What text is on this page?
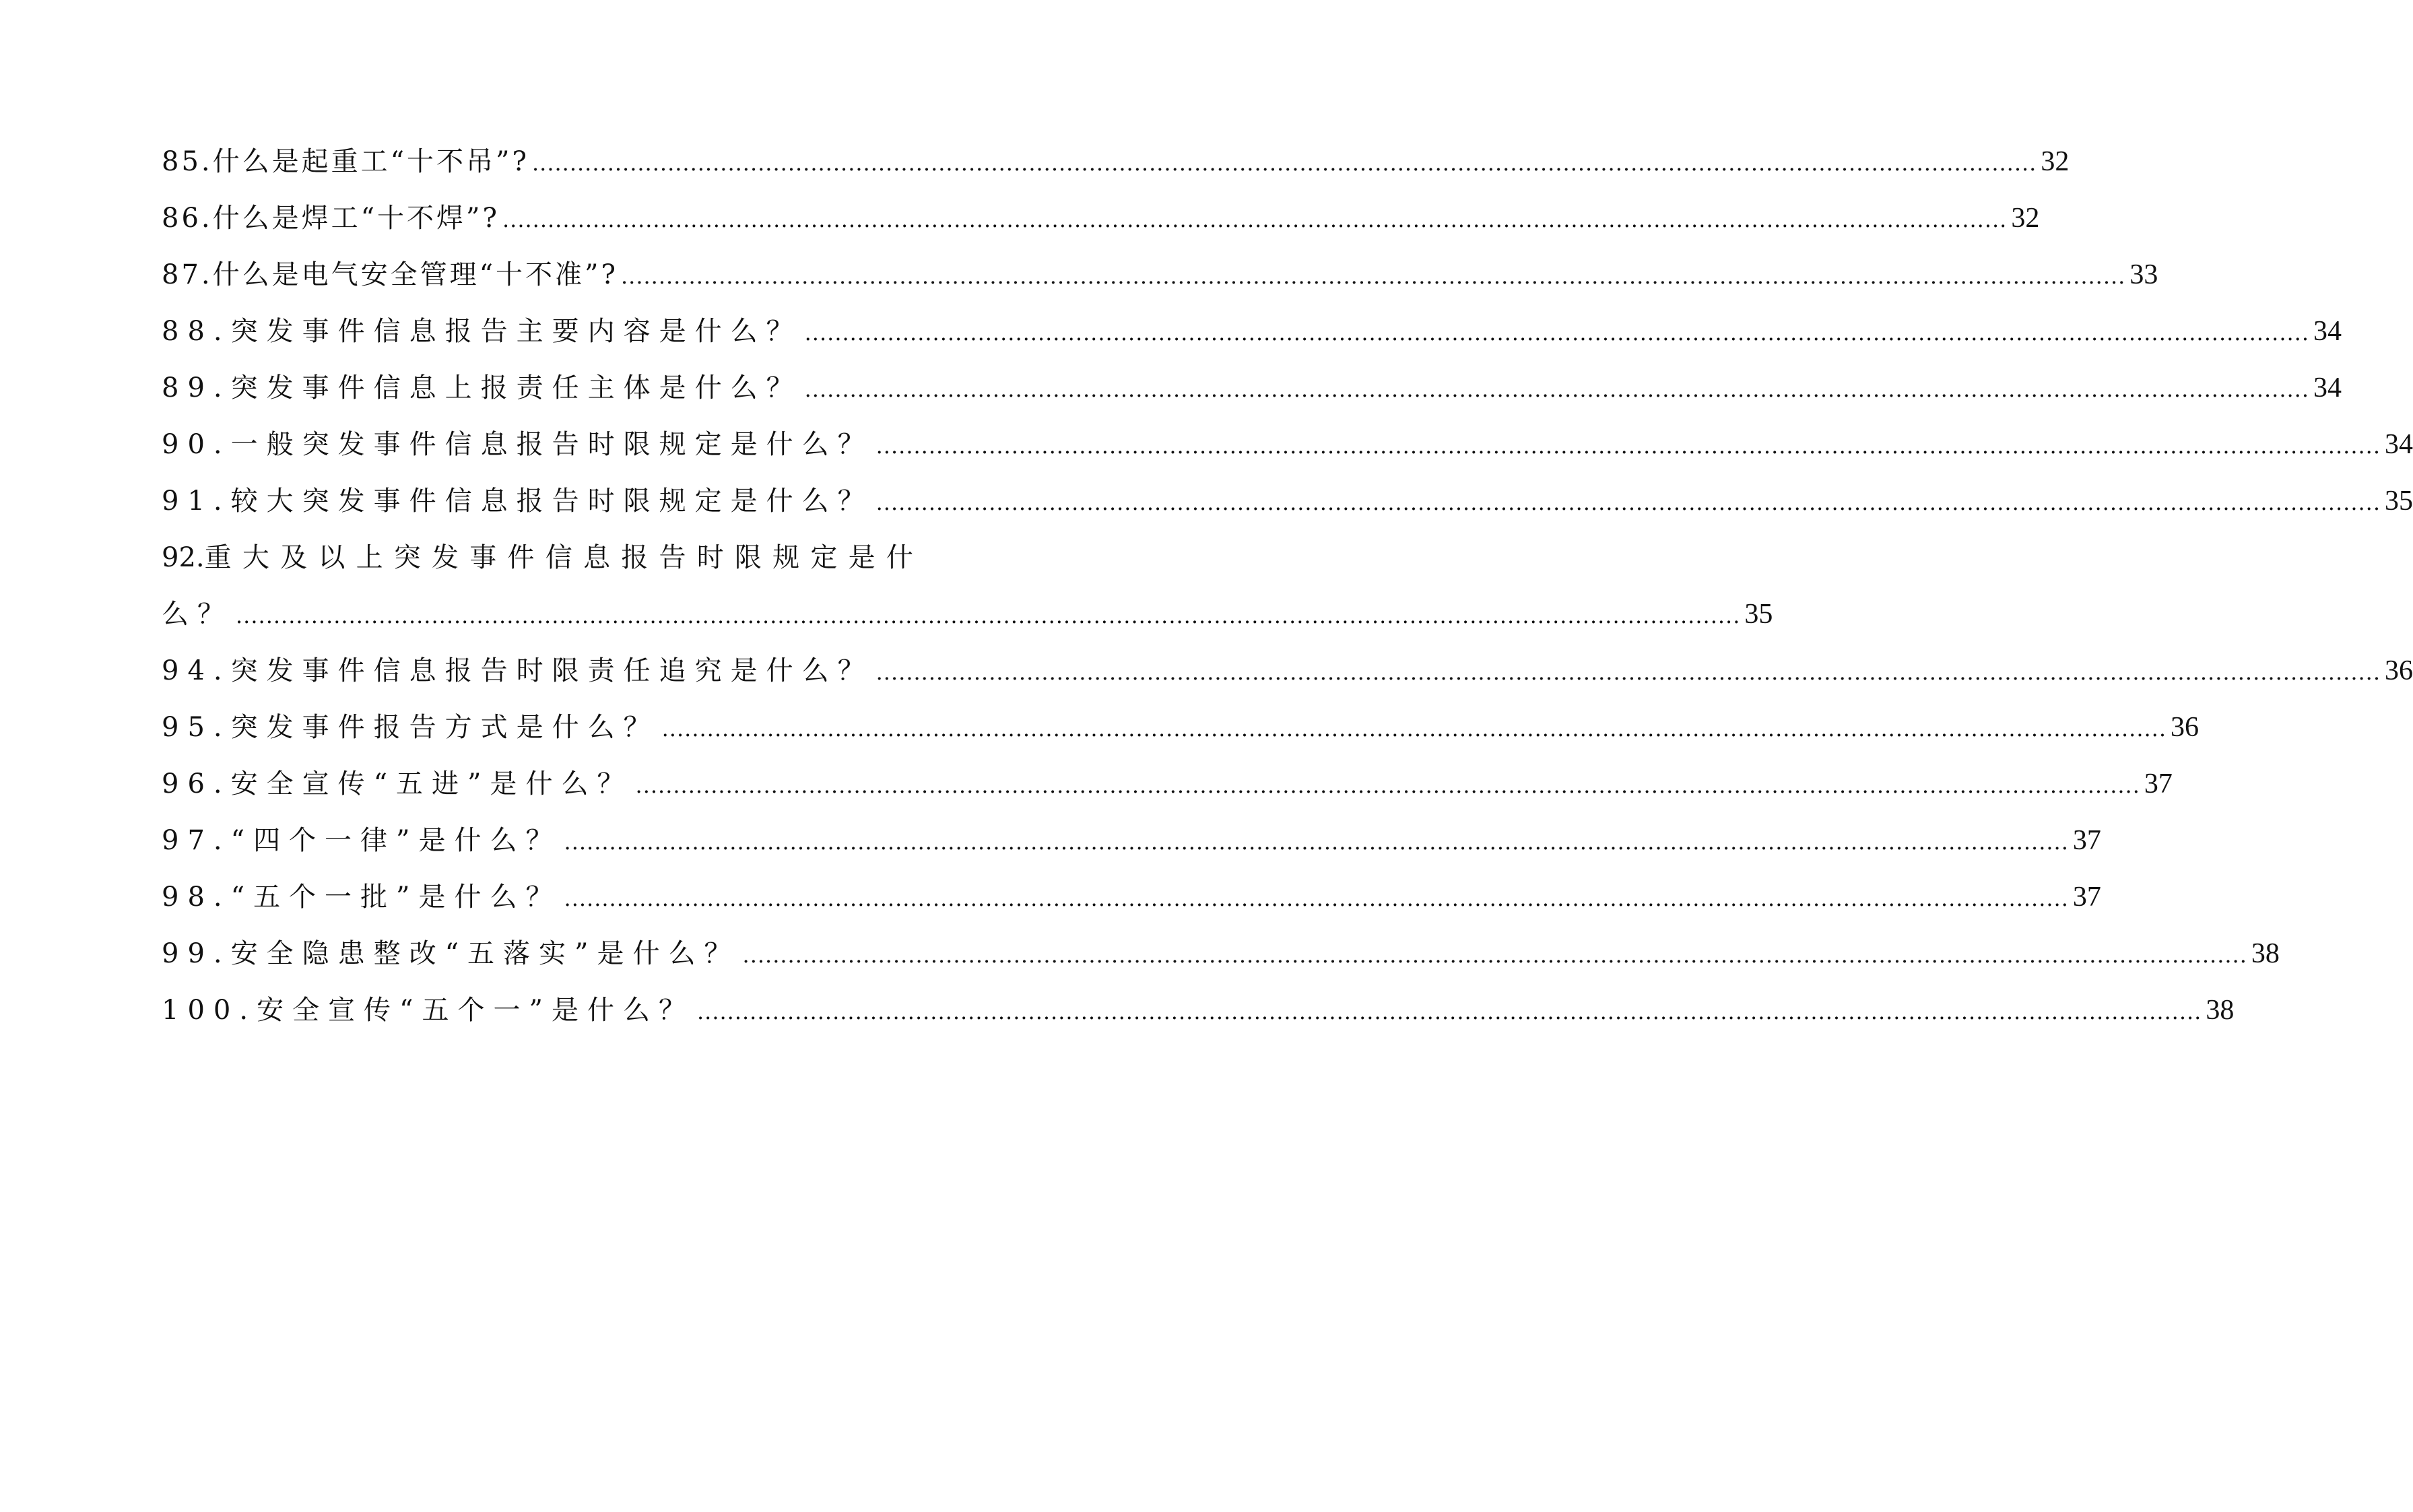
85.什么是起重工“十不吊”? ........................................................................................................................................................................................................ 32
86.什么是焊工“十不焊”? ........................................................................................................................................................................................................ 32
87.什么是电气安全管理“十不准”? ........................................................................................................................................................................................................ 33
88.突发事件信息报告主要内容是什么？ ........................................................................................................................................................................................................ 34
89.突发事件信息上报责任主体是什么？ ........................................................................................................................................................................................................ 34
90.一般突发事件信息报告时限规定是什么？ ........................................................................................................................................................................................................ 34
91.较大突发事件信息报告时限规定是什么？ ........................................................................................................................................................................................................ 35
92.重 大 及 以 上 突 发 事 件 信 息 报 告 时 限 规 定 是 什
么？ ........................................................................................................................................................................................................ 35
94.突发事件信息报告时限责任追究是什么？ ........................................................................................................................................................................................................ 36
95.突发事件报告方式是什么？ ........................................................................................................................................................................................................ 36
96.安全宣传“五进”是什么？ ........................................................................................................................................................................................................ 37
97.“四个一律”是什么？ ........................................................................................................................................................................................................ 37
98.“五个一批”是什么？ ........................................................................................................................................................................................................ 37
99.安全隐患整改“五落实”是什么？ ........................................................................................................................................................................................................ 38
100.安全宣传“五个一”是什么？ ........................................................................................................................................................................................................ 38
